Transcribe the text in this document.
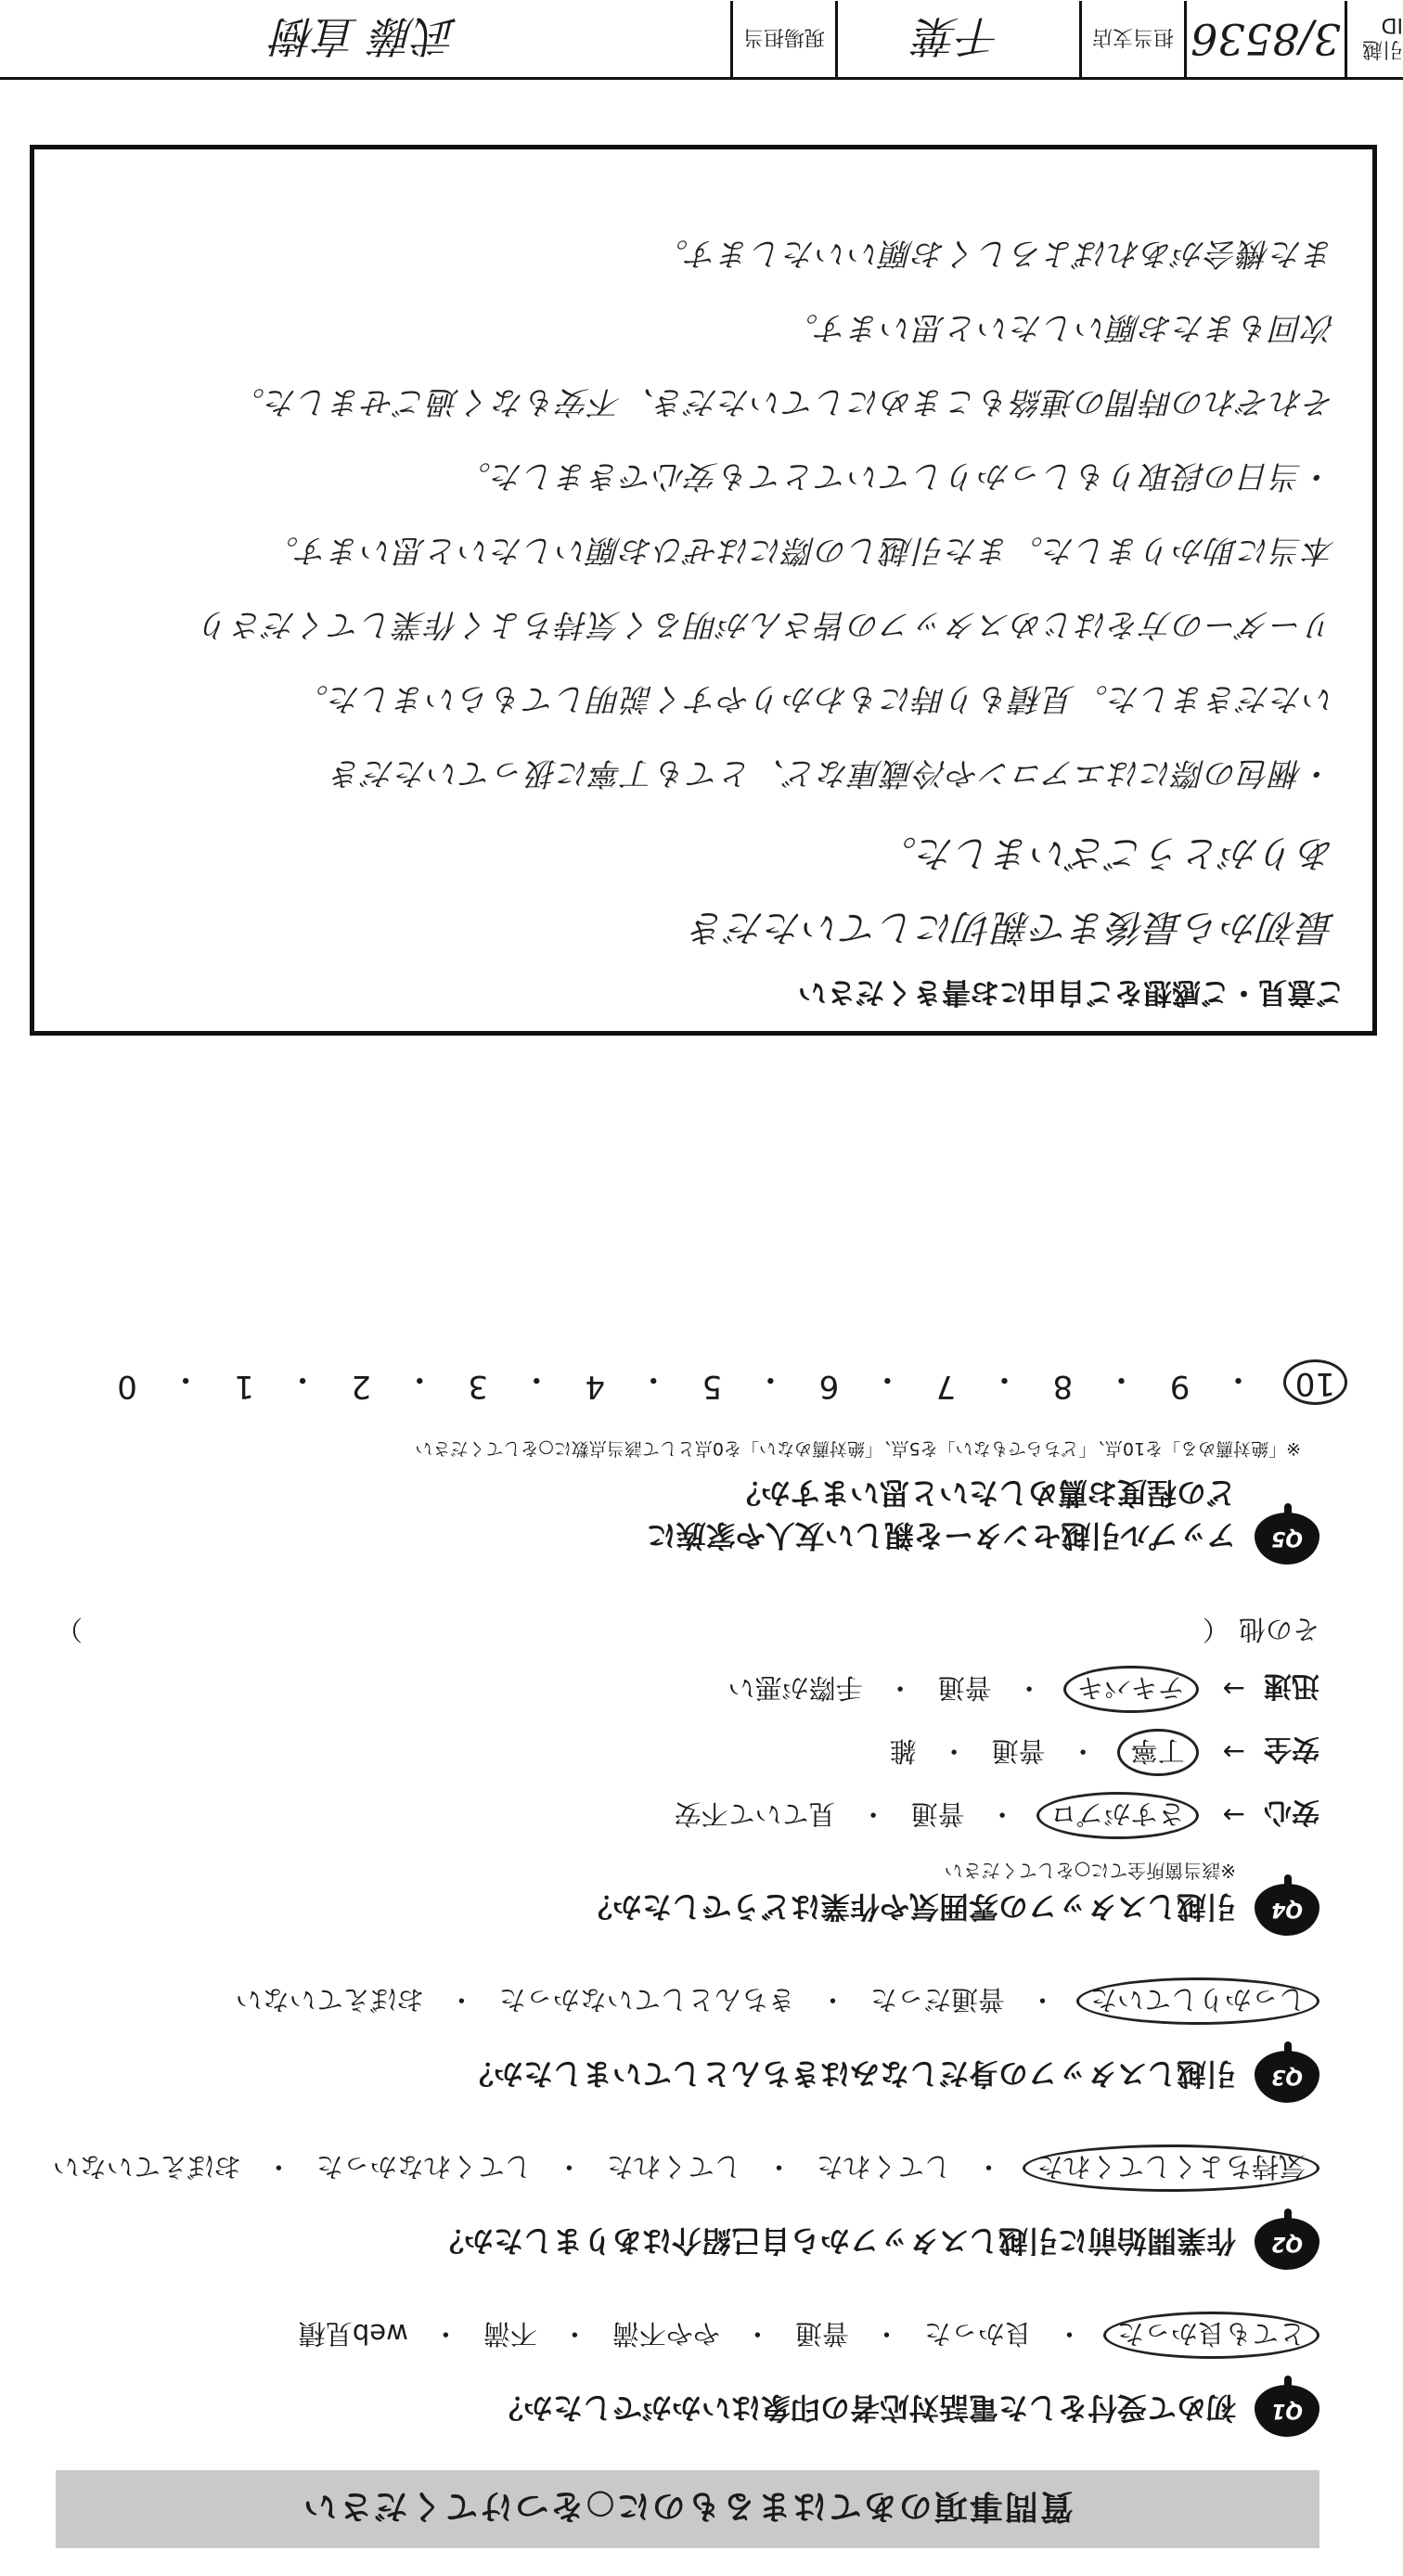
質問事項のあてはまるものに○をつけてください
Q1
初めて受付をした電話対応者の印象はいかがでしたか？
とても良かった
・
良かった
・
普通
・
やや不満
・
不満
・
web見積
Q2
作業開始前に引越しスタッフから自己紹介はありましたか？
気持ちよくしてくれた
・
してくれた
・
してくれた
・
してくれなかった
・
おぼえていない
Q3
引越しスタッフの身だしなみはきちんとしていましたか？
しっかりしていた
・
普通だった
・
きちんとしていなかった
・
おぼえていない
Q4
引越しスタッフの雰囲気や作業はどうでしたか？
※該当箇所全てに○をしてください
安心
→
さすがプロ
・
普通
・
見ていて不安
安全
→
丁寧
・
普通
・
雑
迅速
→
テキパキ
・
普通
・
手際が悪い
その他
（
）
Q5
アップル引越センターを親しい友人や家族に
どの程度お薦めしたいと思いますか？
※「絶対薦める」を10点、「どちらでもない」を5点、「絶対薦めない」を0点として該当点数に○をしてください
10
・
9
・
8
・
7
・
6
・
5
・
4
・
3
・
2
・
1
・
0
ご意見・ご感想をご自由にお書きください
最初から最後まで親切にしていただき
ありがとうございました。
・梱包の際にはエアコンや冷蔵庫など、とても丁寧に扱っていただき
いただきました。見積もり時にもわかりやすく説明してもらいました。
リーダーの方をはじめスタッフの皆さんが明るく気持ちよく作業してくださり
本当に助かりました。また引越しの際にはぜひお願いしたいと思います。
・当日の段取りもしっかりしていてとても安心できました。
それぞれの時間の連絡もこまめにしていただき、不安もなく過ごせました。
次回もまたお願いしたいと思います。
また機会があればよろしくお願いいたします。
引越ID
3/8536
担当支店
千葉
現場担当
武藤 直樹
